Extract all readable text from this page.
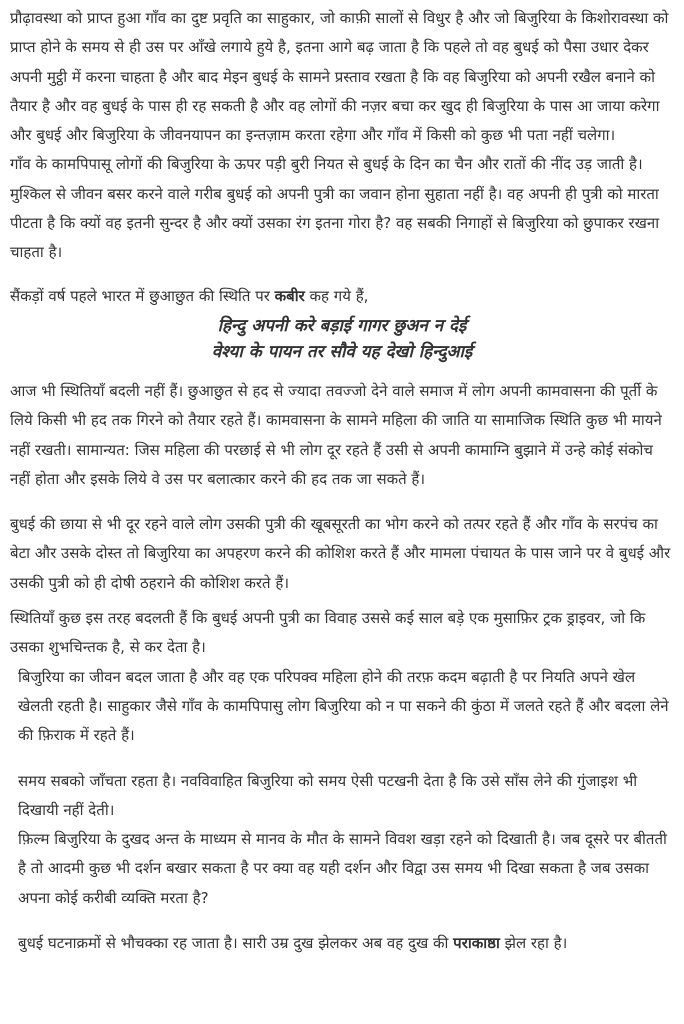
प्रौढ़ावस्था को प्राप्त हुआ गाँव का दुष्ट प्रवृति का साहुकार, जो काफ़ी सालों से विधुर है और जो बिजुरिया के किशोरावस्था को प्राप्त होने के समय से ही उस पर आँखे लगाये हुये है, इतना आगे बढ़ जाता है कि पहले तो वह बुधई को पैसा उधार देकर अपनी मुट्ठी में करना चाहता है और बाद मेइन बुधई के सामने प्रस्ताव रखता है कि वह बिजुरिया को अपनी रखैल बनाने को तैयार है और वह बुधई के पास ही रह सकती है और वह लोगों की नज़र बचा कर खुद ही बिजुरिया के पास आ जाया करेगा और बुधई और बिजुरिया के जीवनयापन का इन्तज़ाम करता रहेगा और गाँव में किसी को कुछ भी पता नहीं चलेगा।

गाँव के कामपिपासू लोगों की बिजुरिया के ऊपर पड़ी बुरी नियत से बुधई के दिन का चैन और रातों की नींद उड़ जाती है। मुश्किल से जीवन बसर करने वाले गरीब बुधई को अपनी पुत्री का जवान होना सुहाता नहीं है। वह अपनी ही पुत्री को मारता पीटता है कि क्यों वह इतनी सुन्दर है और क्यों उसका रंग इतना गोरा है? वह सबकी निगाहों से बिजुरिया को छुपाकर रखना चाहता है।

सैंकड़ों वर्ष पहले भारत में छुआछुत की स्थिति पर कबीर कह गये हैं,

हिन्दु अपनी करे बड़ाई गागर छुअन न देई
वेश्या के पायन तर सौवे यह देखो हिन्दुआई

आज भी स्थितियाँ बदली नहीं हैं। छुआछुत से हद से ज्यादा तवज्जो देने वाले समाज में लोग अपनी कामवासना की पूर्ती के लिये किसी भी हद तक गिरने को तैयार रहते हैं। कामवासना के सामने महिला की जाति या सामाजिक स्थिति कुछ भी मायने नहीं रखती। सामान्यत: जिस महिला की परछाई से भी लोग दूर रहते हैं उसी से अपनी कामाग्नि बुझाने में उन्हे कोई संकोच नहीं होता और इसके लिये वे उस पर बलात्कार करने की हद तक जा सकते हैं।

बुधई की छाया से भी दूर रहने वाले लोग उसकी पुत्री की खूबसूरती का भोग करने को तत्पर रहते हैं और गाँव के सरपंच का बेटा और उसके दोस्त तो बिजुरिया का अपहरण करने की कोशिश करते हैं और मामला पंचायत के पास जाने पर वे बुधई और उसकी पुत्री को ही दोषी ठहराने की कोशिश करते हैं।

स्थितियाँ कुछ इस तरह बदलती हैं कि बुधई अपनी पुत्री का विवाह उससे कई साल बड़े एक मुसाफ़िर ट्रक ड्राइवर, जो कि उसका शुभचिन्तक है, से कर देता है।

बिजुरिया का जीवन बदल जाता है और वह एक परिपक्व महिला होने की तरफ़ कदम बढ़ाती है पर नियति अपने खेल खेलती रहती है। साहुकार जैसे गाँव के कामपिपासु लोग बिजुरिया को न पा सकने की कुंठा में जलते रहते हैं और बदला लेने की फ़िराक में रहते हैं।

समय सबको जाँचता रहता है। नवविवाहित बिजुरिया को समय ऐसी पटखनी देता है कि उसे साँस लेने की गुंजाइश भी दिखायी नहीं देती।

फ़िल्म बिजुरिया के दुखद अन्त के माध्यम से मानव के मौत के सामने विवश खड़ा रहने को दिखाती है। जब दूसरे पर बीतती है तो आदमी कुछ भी दर्शन बखार सकता है पर क्या वह यही दर्शन और विद्वा उस समय भी दिखा सकता है जब उसका अपना कोई करीबी व्यक्ति मरता है?

बुधई घटनाक्रमों से भौचक्का रह जाता है। सारी उम्र दुख झेलकर अब वह दुख की पराकाष्ठा झेल रहा है।
